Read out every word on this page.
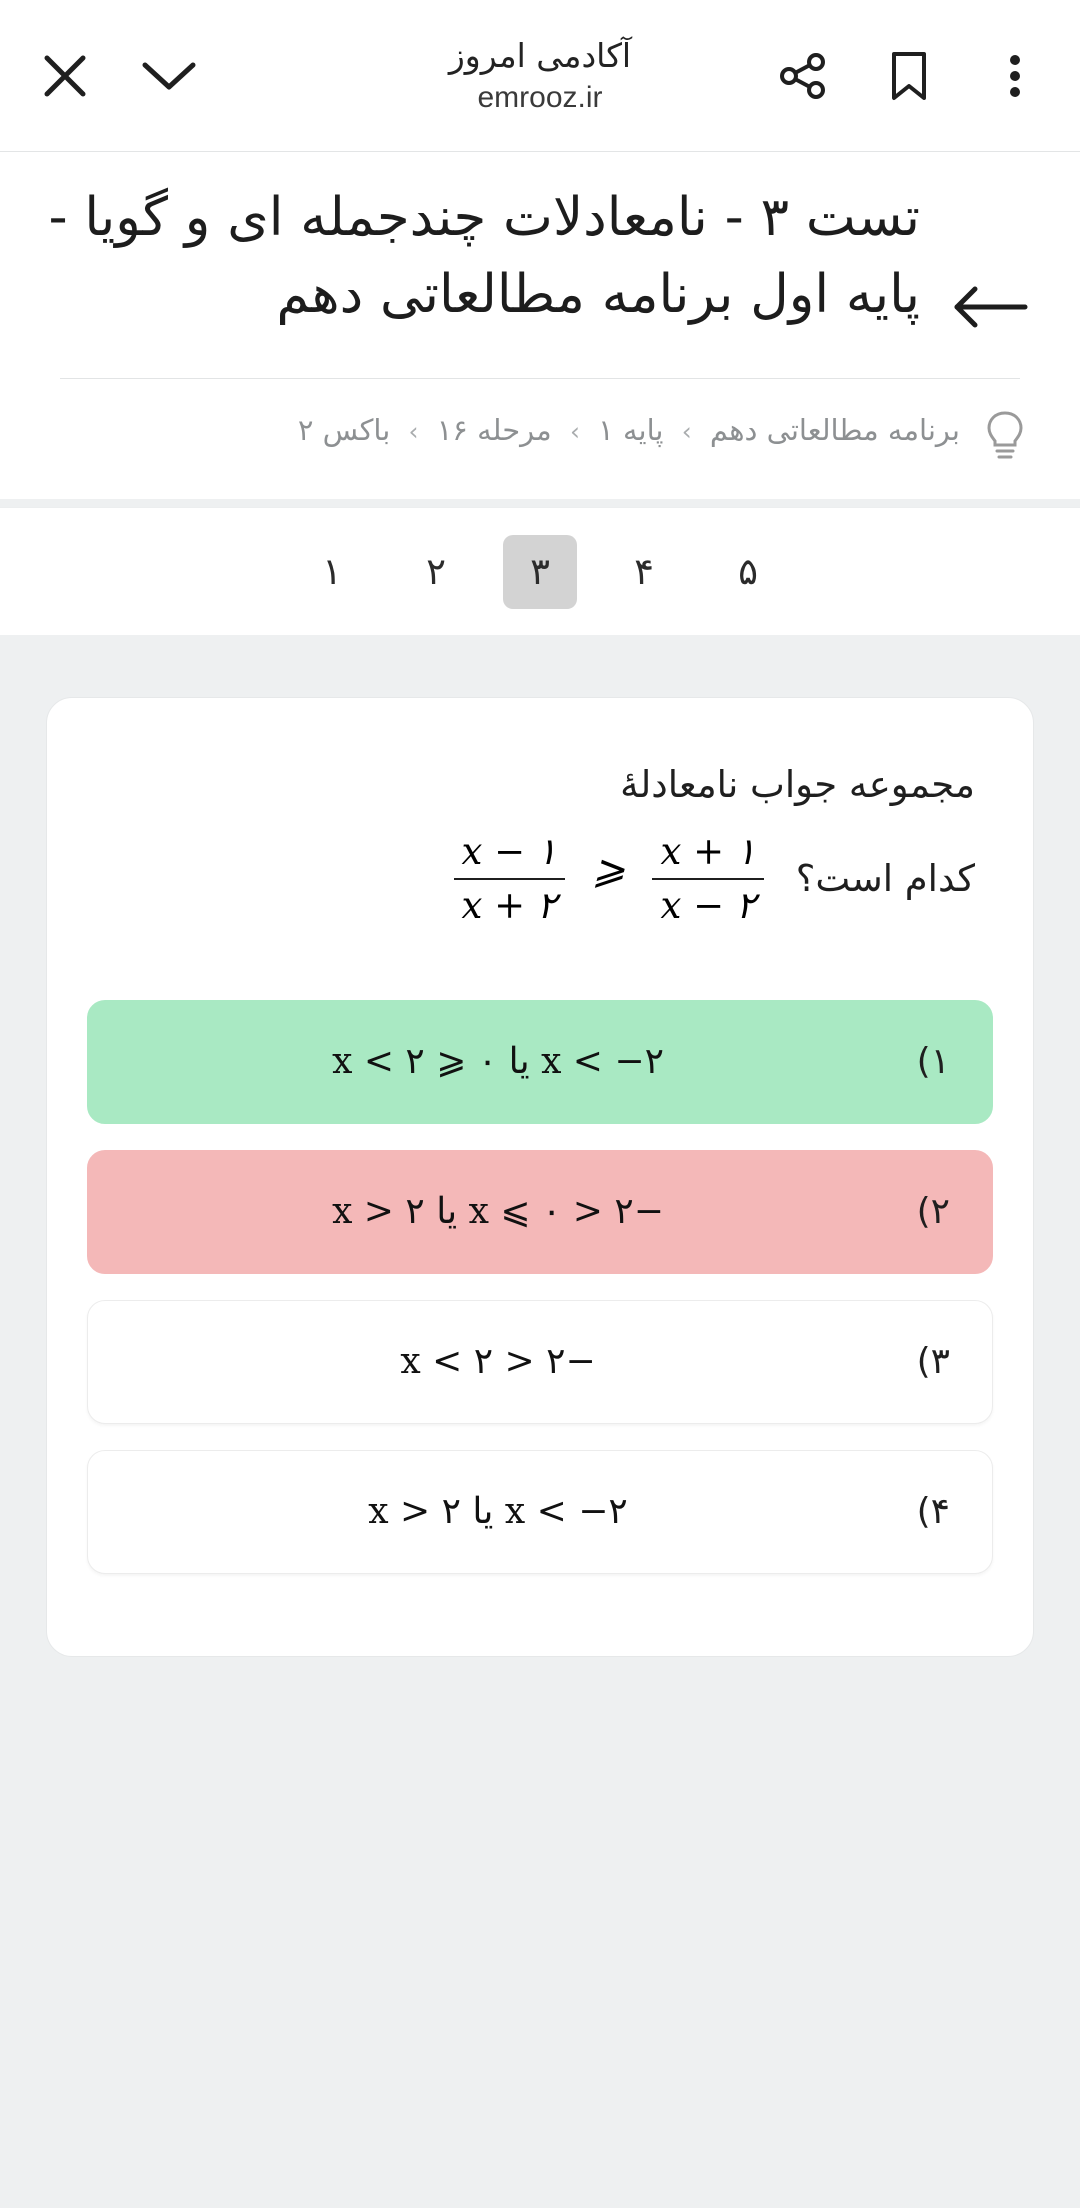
آکادمی امروز
emrooz.ir
تست ۳ - نامعادلات چندجمله ای و گویا - پایه اول برنامه مطالعاتی دهم
برنامه مطالعاتی دهم › پایه ۱ › مرحله ۱۶ › باکس ۲
۵
۴
۳
۲
۱
مجموعه جواب نامعادلهٔ
کدام است؟
$\frac{x - ۱}{x + ۲}$ ⩾ $\frac{x + ۱}{x - ۲}$
۱)
x < −۲ یا ۰ ⩽ x < ۲
۲)
−۲ < x ⩽ ۰ یا x > ۲
۳)
−۲ < x < ۲
۴)
x < −۲ یا x > ۲
